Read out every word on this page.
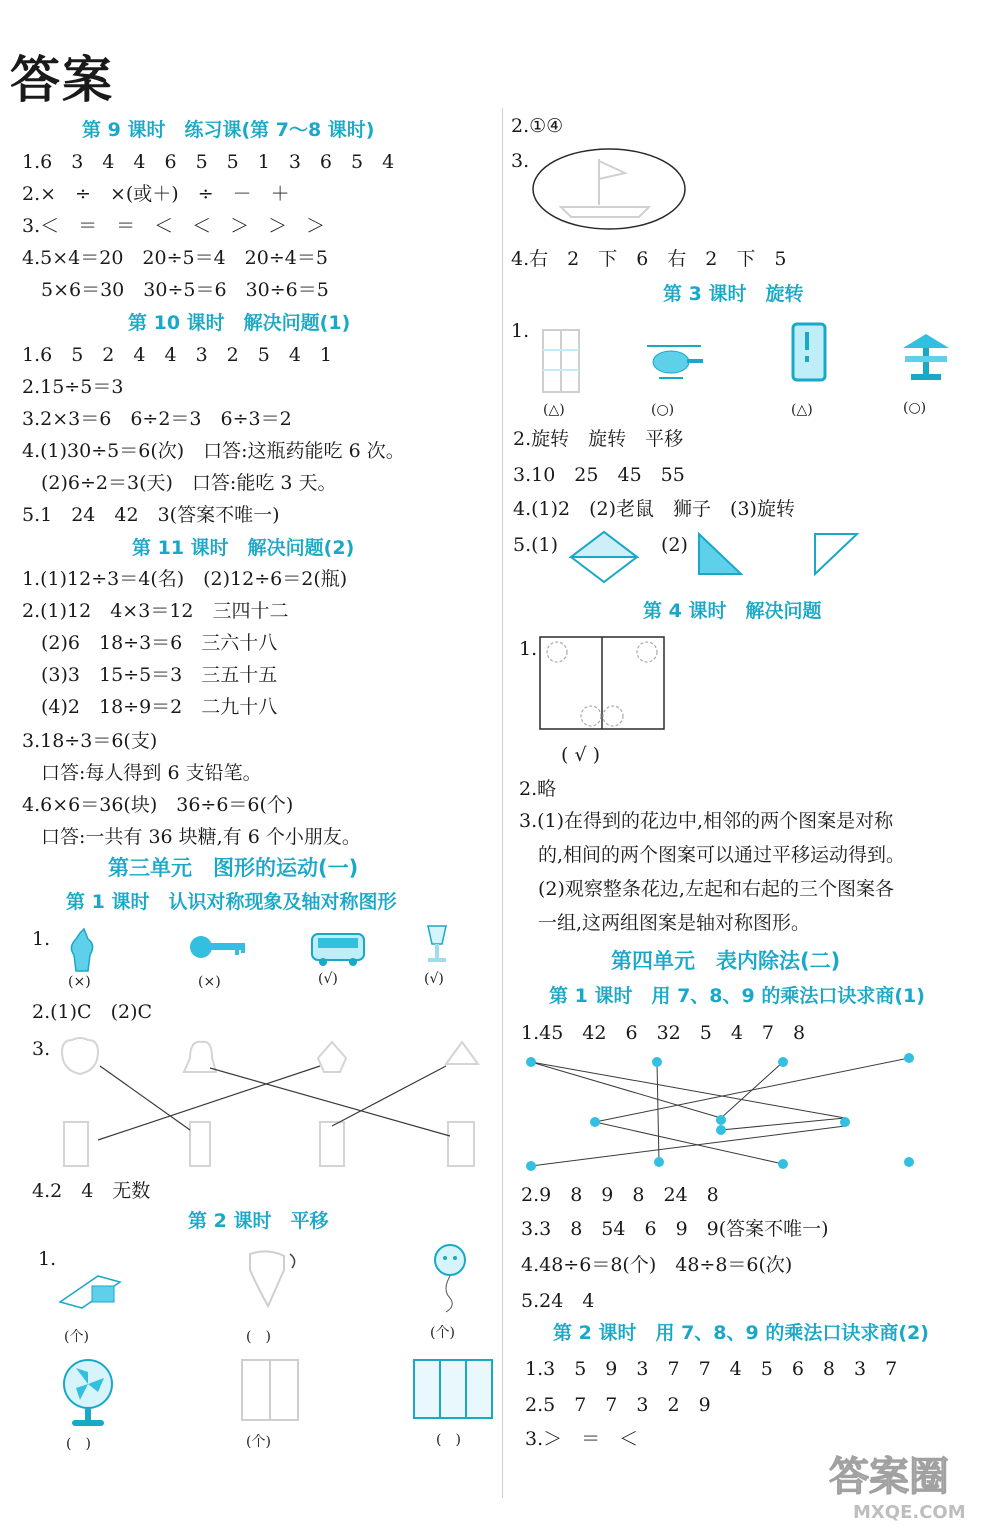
答案
第 9 课时　练习课(第 7～8 课时)
1.6　3　4　4　6　5　5　1　3　6　5　4
2.×　÷　×(或＋)　÷　－　＋
3.＜　＝　＝　＜　＜　＞　＞　＞
4.5×4＝20　20÷5＝4　20÷4＝5
　5×6＝30　30÷5＝6　30÷6＝5
第 10 课时　解决问题(1)
1.6　5　2　4　4　3　2　5　4　1
2.15÷5＝3
3.2×3＝6　6÷2＝3　6÷3＝2
4.(1)30÷5＝6(次)　口答:这瓶药能吃 6 次。
　(2)6÷2＝3(天)　口答:能吃 3 天。
5.1　24　42　3(答案不唯一)
第 11 课时　解决问题(2)
1.(1)12÷3＝4(名)　(2)12÷6＝2(瓶)
2.(1)12　4×3＝12　三四十二
　(2)6　18÷3＝6　三六十八
　(3)3　15÷5＝3　三五十五
　(4)2　18÷9＝2　二九十八
3.18÷3＝6(支)
　口答:每人得到 6 支铅笔。
4.6×6＝36(块)　36÷6＝6(个)
　口答:一共有 36 块糖,有 6 个小朋友。
第三单元　图形的运动(一)
第 1 课时　认识对称现象及轴对称图形
1.
(×)	(×)	(√)	(√)
2.(1)C　(2)C
3.
4.2　4　无数
第 2 课时　平移
1.
(个)	(　)	(个)
(　)	(个)	(　)
2.①④
3.
4.右　2　下　6　右　2　下　5
第 3 课时　旋转
1.
(△)	(○)	(△)	(○)
2.旋转　旋转　平移
3.10　25　45　55
4.(1)2　(2)老鼠　狮子　(3)旋转
5.(1)	(2)
第 4 课时　解决问题
1.
( √ )
2.略
3.(1)在得到的花边中,相邻的两个图案是对称
　的,相间的两个图案可以通过平移运动得到。
　(2)观察整条花边,左起和右起的三个图案各
　一组,这两组图案是轴对称图形。
第四单元　表内除法(二)
第 1 课时　用 7、8、9 的乘法口诀求商(1)
1.45　42　6　32　5　4　7　8
2.9　8　9　8　24　8
3.3　8　54　6　9　9(答案不唯一)
4.48÷6＝8(个)　48÷8＝6(次)
5.24　4
第 2 课时　用 7、8、9 的乘法口诀求商(2)
1.3　5　9　3　7　7　4　5　6　8　3　7
2.5　7　7　3　2　9
3.＞　＝　＜
答案圈
MXQE.COM
